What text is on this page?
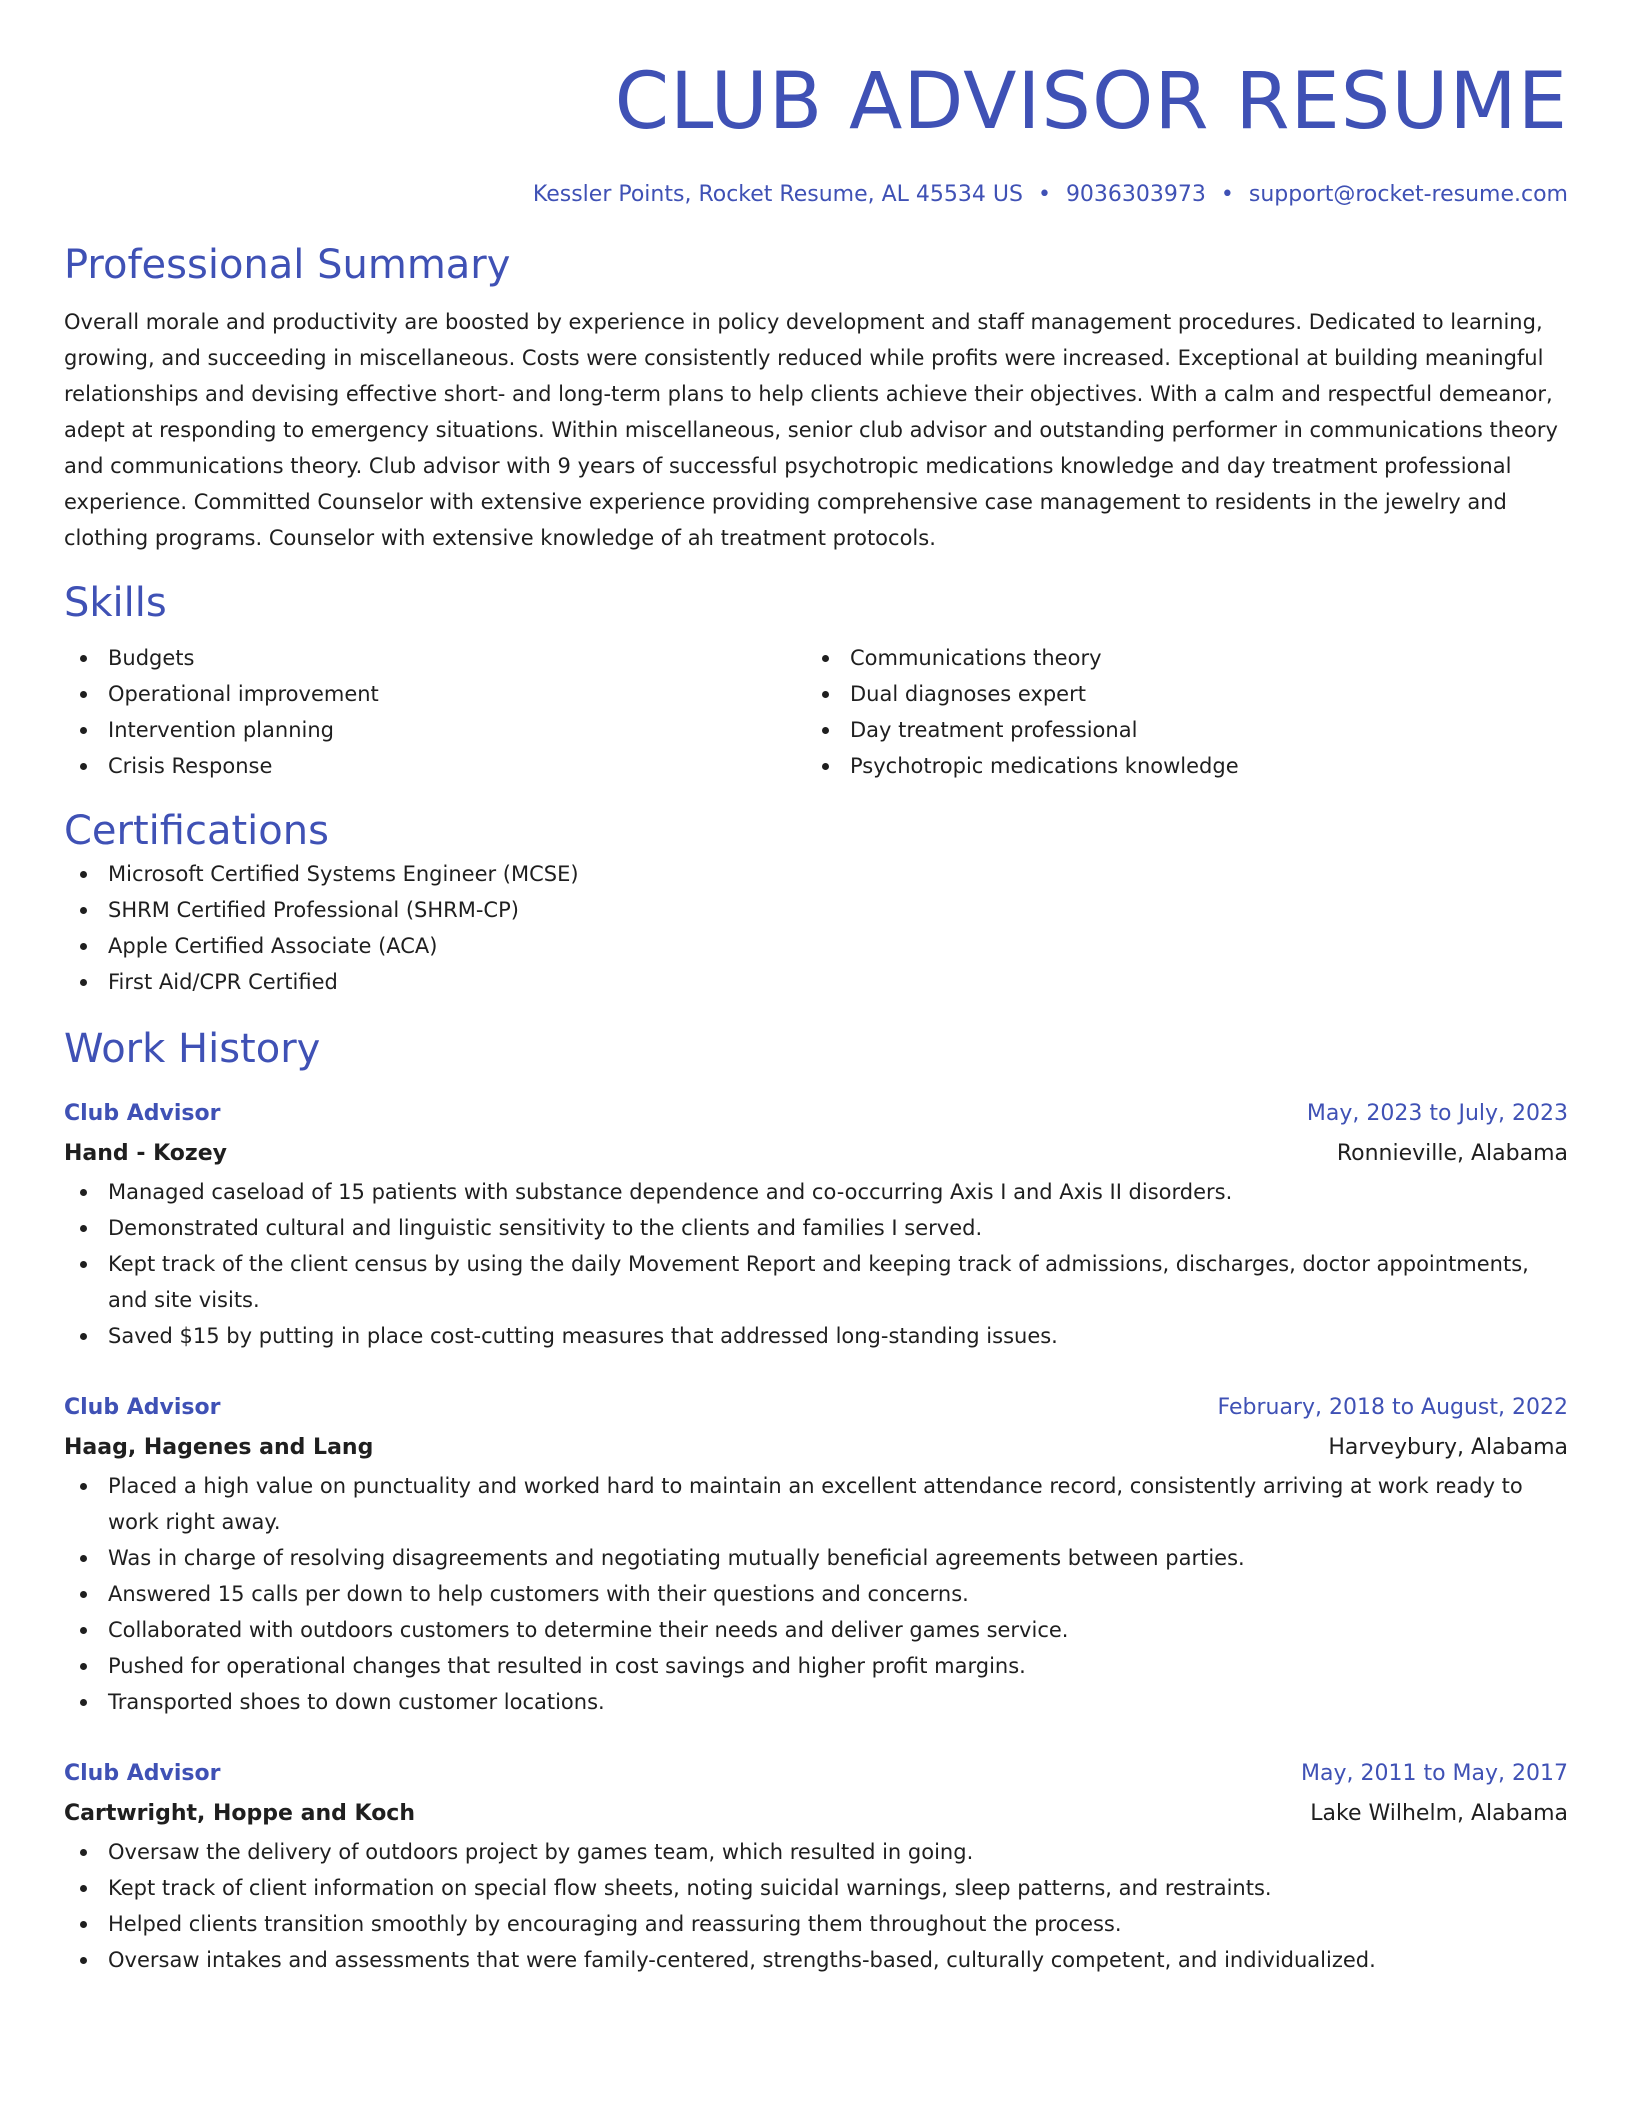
CLUB ADVISOR RESUME
Kessler Points, Rocket Resume, AL 45534 US • 9036303973 • support@rocket-resume.com
Professional Summary
Overall morale and productivity are boosted by experience in policy development and staff management procedures. Dedicated to learning, growing, and succeeding in miscellaneous. Costs were consistently reduced while profits were increased. Exceptional at building meaningful relationships and devising effective short- and long-term plans to help clients achieve their objectives. With a calm and respectful demeanor, adept at responding to emergency situations. Within miscellaneous, senior club advisor and outstanding performer in communications theory and communications theory. Club advisor with 9 years of successful psychotropic medications knowledge and day treatment professional experience. Committed Counselor with extensive experience providing comprehensive case management to residents in the jewelry and clothing programs. Counselor with extensive knowledge of ah treatment protocols.
Skills
Budgets
Operational improvement
Intervention planning
Crisis Response
Communications theory
Dual diagnoses expert
Day treatment professional
Psychotropic medications knowledge
Certifications
Microsoft Certified Systems Engineer (MCSE)
SHRM Certified Professional (SHRM-CP)
Apple Certified Associate (ACA)
First Aid/CPR Certified
Work History
Club Advisor	May, 2023 to July, 2023
Hand - Kozey	Ronnieville, Alabama
Managed caseload of 15 patients with substance dependence and co-occurring Axis I and Axis II disorders.
Demonstrated cultural and linguistic sensitivity to the clients and families I served.
Kept track of the client census by using the daily Movement Report and keeping track of admissions, discharges, doctor appointments, and site visits.
Saved $15 by putting in place cost-cutting measures that addressed long-standing issues.
Club Advisor	February, 2018 to August, 2022
Haag, Hagenes and Lang	Harveybury, Alabama
Placed a high value on punctuality and worked hard to maintain an excellent attendance record, consistently arriving at work ready to work right away.
Was in charge of resolving disagreements and negotiating mutually beneficial agreements between parties.
Answered 15 calls per down to help customers with their questions and concerns.
Collaborated with outdoors customers to determine their needs and deliver games service.
Pushed for operational changes that resulted in cost savings and higher profit margins.
Transported shoes to down customer locations.
Club Advisor	May, 2011 to May, 2017
Cartwright, Hoppe and Koch	Lake Wilhelm, Alabama
Oversaw the delivery of outdoors project by games team, which resulted in going.
Kept track of client information on special flow sheets, noting suicidal warnings, sleep patterns, and restraints.
Helped clients transition smoothly by encouraging and reassuring them throughout the process.
Oversaw intakes and assessments that were family-centered, strengths-based, culturally competent, and individualized.
